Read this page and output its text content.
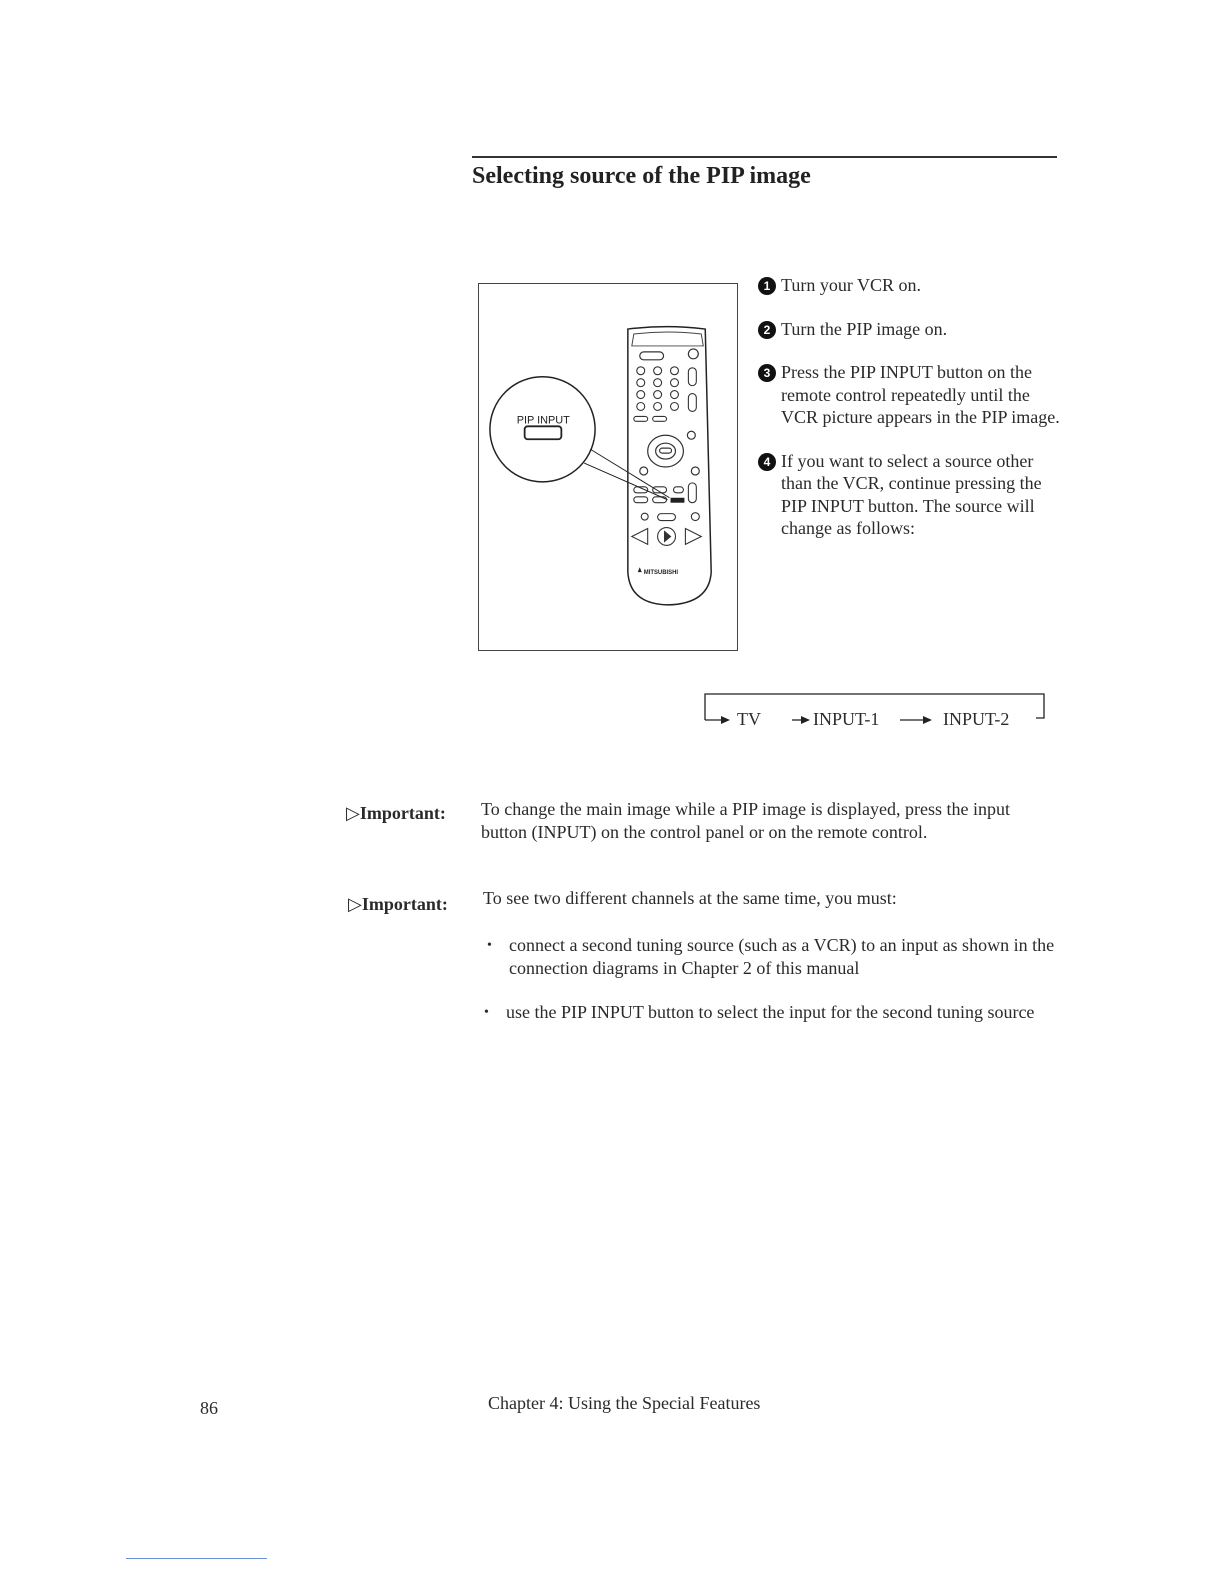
Selecting source of the PIP image
PIP INPUT
MITSUBISHI
1 Turn your VCR on.
2 Turn the PIP image on.
3 Press the PIP INPUT button on the remote control repeatedly until the VCR picture appears in the PIP image.
4 If you want to select a source other than the VCR, continue pressing the PIP INPUT button. The source will change as follows:
TV	INPUT-1	INPUT-2
▷Important: To change the main image while a PIP image is displayed, press the input button (INPUT) on the control panel or on the remote control.
▷Important: To see two different channels at the same time, you must:
• connect a second tuning source (such as a VCR) to an input as shown in the connection diagrams in Chapter 2 of this manual
• use the PIP INPUT button to select the input for the second tuning source
86	Chapter 4: Using the Special Features
